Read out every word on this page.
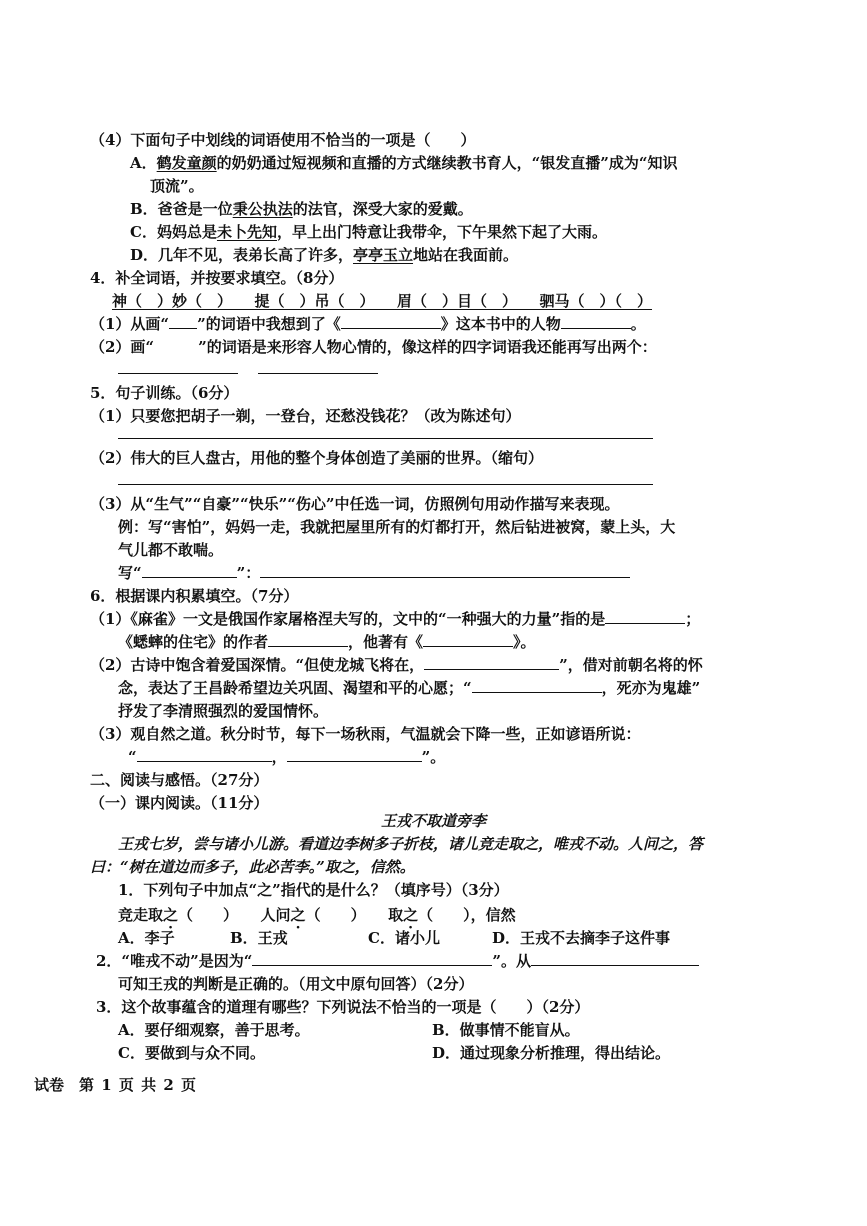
（4）下面句子中划线的词语使用不恰当的一项是（　　）
A．鹤发童颜的奶奶通过短视频和直播的方式继续教书育人，“银发直播”成为“知识
顶流”。
B．爸爸是一位秉公执法的法官，深受大家的爱戴。
C．妈妈总是未卜先知，早上出门特意让我带伞，下午果然下起了大雨。
D．几年不见，表弟长高了许多，亭亭玉立地站在我面前。
4．补全词语，并按要求填空。（8分）
神（　）妙（　）　　提（　）吊（　）　　眉（　）目（　）　　驷马（　）（　）
（1）从画“ ”的词语中我想到了《	》这本书中的人物	。
（2）画“	”的词语是来形容人物心情的，像这样的四字词语我还能再写出两个：
5．句子训练。（6分）
（1）只要您把胡子一剃，一登台，还愁没钱花？（改为陈述句）
（2）伟大的巨人盘古，用他的整个身体创造了美丽的世界。（缩句）
（3）从“生气”“自豪”“快乐”“伤心”中任选一词，仿照例句用动作描写来表现。
例：写“害怕”，妈妈一走，我就把屋里所有的灯都打开，然后钻进被窝，蒙上头，大
气儿都不敢喘。
写“	”：
6．根据课内积累填空。（7分）
（1）《麻雀》一文是俄国作家屠格涅夫写的，文中的“一种强大的力量”指的是	；
《蟋蟀的住宅》的作者	，他著有《	》。
（2）古诗中饱含着爱国深情。“但使龙城飞将在，	”，借对前朝名将的怀
念，表达了王昌龄希望边关巩固、渴望和平的心愿；“	，死亦为鬼雄”
抒发了李清照强烈的爱国情怀。
（3）观自然之道。秋分时节，每下一场秋雨，气温就会下降一些，正如谚语所说：
“	，	”。
二、阅读与感悟。（27分）
（一）课内阅读。（11分）
王戎不取道旁李
王戎七岁，尝与诸小儿游。看道边李树多子折枝，诸儿竞走取之，唯戎不动。人问之，答
曰：“树在道边而多子，此必苦李。”取之，信然。
1．下列句子中加点“之”指代的是什么？（填序号）（3分）
竞走取之（　　）　　人问之（　　）　　取之（　　），信然
A．李子	B．王戎	C．诸小儿	D．王戎不去摘李子这件事
2．“唯戎不动”是因为“	”。从
可知王戎的判断是正确的。（用文中原句回答）（2分）
3．这个故事蕴含的道理有哪些？下列说法不恰当的一项是（　　）（2分）
A．要仔细观察，善于思考。	B．做事情不能盲从。
C．要做到与众不同。	D．通过现象分析推理，得出结论。
试卷　第 1 页 共 2 页
